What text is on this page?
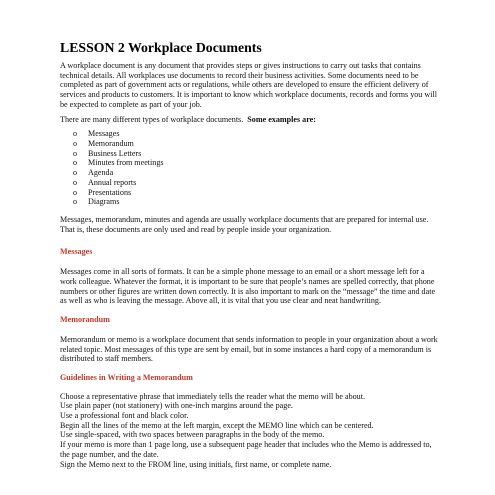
LESSON 2 Workplace Documents

A workplace document is any document that provides steps or gives instructions to carry out tasks that contains technical details. All workplaces use documents to record their business activities. Some documents need to be completed as part of government acts or regulations, while others are developed to ensure the efficient delivery of services and products to customers. It is important to know which workplace documents, records and forms you will be expected to complete as part of your job.

There are many different types of workplace documents. Some examples are:

o Messages
o Memorandum
o Business Letters
o Minutes from meetings
o Agenda
o Annual reports
o Presentations
o Diagrams

Messages, memorandum, minutes and agenda are usually workplace documents that are prepared for internal use. That is, these documents are only used and read by people inside your organization.

Messages

Messages come in all sorts of formats. It can be a simple phone message to an email or a short message left for a work colleague. Whatever the format, it is important to be sure that people’s names are spelled correctly, that phone numbers or other figures are written down correctly. It is also important to mark on the “message” the time and date as well as who is leaving the message. Above all, it is vital that you use clear and neat handwriting.

Memorandum

Memorandum or memo is a workplace document that sends information to people in your organization about a work related topic. Most messages of this type are sent by email, but in some instances a hard copy of a memorandum is distributed to staff members.

Guidelines in Writing a Memorandum

Choose a representative phrase that immediately tells the reader what the memo will be about.

Use plain paper (not stationery) with one-inch margins around the page.

Use a professional font and black color.

Begin all the lines of the memo at the left margin, except the MEMO line which can be centered.

Use single-spaced, with two spaces between paragraphs in the body of the memo.

If your memo is more than 1 page long, use a subsequent page header that includes who the Memo is addressed to, the page number, and the date.

Sign the Memo next to the FROM line, using initials, first name, or complete name.
